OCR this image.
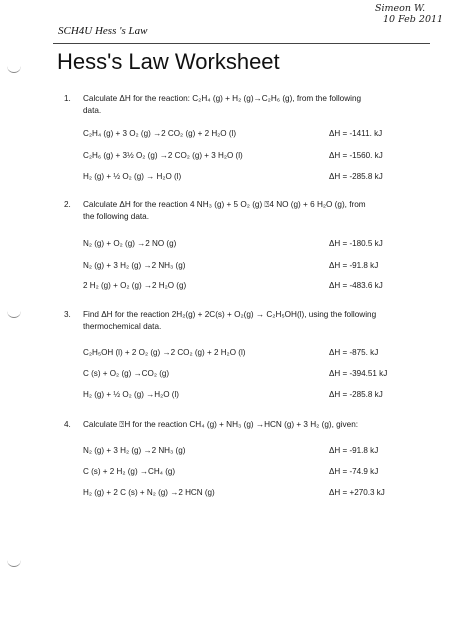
Simeon W.
10 Feb 2011
SCH4U Hess 's Law
Hess's Law Worksheet
1. Calculate ΔH for the reaction: C₂H₄ (g) + H₂ (g)→C₂H₆ (g), from the following
data.
C₂H₄ (g) + 3 O₂ (g) →2 CO₂ (g) + 2 H₂O (l)	ΔH = -1411. kJ
C₂H₆ (g) + 3½ O₂ (g) →2 CO₂ (g) + 3 H₂O (l)	ΔH = -1560. kJ
H₂ (g) + ½ O₂ (g) → H₂O (l)	ΔH = -285.8 kJ
2. Calculate ΔH for the reaction 4 NH₃ (g) + 5 O₂ (g) ⍰4 NO (g) + 6 H₂O (g), from
the following data.
N₂ (g) + O₂ (g) →2 NO (g)	ΔH = -180.5 kJ
N₂ (g) + 3 H₂ (g) →2 NH₃ (g)	ΔH = -91.8 kJ
2 H₂ (g) + O₂ (g) →2 H₂O (g)	ΔH = -483.6 kJ
3. Find ΔH for the reaction 2H₂(g) + 2C(s) + O₂(g) → C₂H₅OH(l), using the following
thermochemical data.
C₂H₅OH (l) + 2 O₂ (g) →2 CO₂ (g) + 2 H₂O (l)	ΔH = -875. kJ
C (s) + O₂ (g) →CO₂ (g)	ΔH = -394.51 kJ
H₂ (g) + ½ O₂ (g) →H₂O (l)	ΔH = -285.8 kJ
4. Calculate ⍰H for the reaction CH₄ (g) + NH₃ (g) →HCN (g) + 3 H₂ (g), given:
N₂ (g) + 3 H₂ (g) →2 NH₃ (g)	ΔH = -91.8 kJ
C (s) + 2 H₂ (g) →CH₄ (g)	ΔH = -74.9 kJ
H₂ (g) + 2 C (s) + N₂ (g) →2 HCN (g)	ΔH = +270.3 kJ
